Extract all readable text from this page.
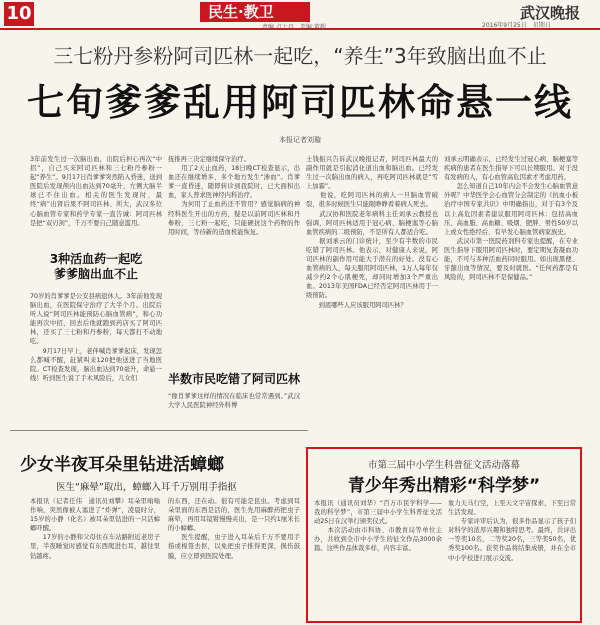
10	民生·教卫
责编 卢士昌　美编 董超
武汉晚报
2016年9月25日　星期日
三七粉丹参粉阿司匹林一起吃，“养生”3年致脑出血不止
七旬爹爹乱用阿司匹林命悬一线
本报记者刘璇
3年前发生过一次脑出血，出院后担心再次“中招”，自己买来阿司匹林和三七粉丹参粉一起“养生”。9月17日肖爹爹突然陷入昏迷，送到医院后发现颅内出血达到70毫升，左侧大脑半球已不住出血。相关的医生发现时，最终“病”出肾后果不阿司匹林、所大，武汉多位心脑血管专家和药学专家一直告诫：阿司匹林是把“双刃剑”，千万不要自己随意滥用。
3种活血药一起吃
爹爹脑出血不止
70岁的肖爹爹是公安县病退休人。3年前他发现脑出血，在医院保守治疗了大半个月。出院后听人说“阿司匹林能预防心脑血管病”，和心功能再次中招，回去后他就跑到药店买了阿司匹林，还买了三七粉和丹参粉，每天都打不动地吃。
　　9月17日早上，老伴喊肖爹爹起床，发现怎么都喊不醒，赶紧叫来120把他送进了当地医院。CT检查发现，脑出血达到70毫升，命悬一线！听到医生说了手术风险后，儿女们
抚推再三决定继续保守治疗。
　　用了2天止血药，18日晚CT检查显示，出血还在继续增多，多个地方发生“渗血”。肖爹爹一直昏迷，随即转诊到我院时，已大面积出血，家人普求医神经内科治疗。
　　为何用了止血药还不管用？感觉脑病的神经科医生开出的方药，疑是以前阿司匹林和丹参粉、三七粉一起吃，只能硬抗这个药物的作用时间，等待新的造血机能恢复。
半数市民吃错了阿司匹林
“像肖爹爹这样的情况在临床也常常遇到。”武汉大学人民医院神经外科博
士钱振兴告诉武汉晚报记者，阿司匹林最大的副作用就是引起消化道出血和脑出血。已经发生过一次脑出血的病人，再吃阿司匹林就是“雪上加霜”。
　　他说，吃阿司匹林的病人一旦脑血管破裂，很多时候医生只能眼睁睁看着病人死去。
　　武汉协和医院老年病科主任刘承云教授也强调，阿司匹林适用于冠心病、脑梗塞等心脑血管疾病的二级预防，不是所有人都适合吃。
　　据刘承云的门诊统计，至少有半数的市民吃错了阿司匹林。他表示，对健康人来说，阿司匹林的副作用可能大于潜在的好处。没有心血管病的人，每天服用阿司匹林，1万人每年仅减少约2个心肌梗死，却同时增加3个严重出血。2013年美国FDA已经否定阿司匹林用于一级预防。
　　到底哪些人应该服用阿司匹林？
刘承云明确表示，已经发生过冠心病、脑梗塞等疾病的患者在医生指导下可以长期服用。对于没有发病的人，有心血管高危因素才考虑用药。
　　怎么知道自己10年内会不会发生心脑血管意外呢？中华医学会心血管分会制定的《抗血小板治疗中国专家共识》中明确指出，对于有3个及以上高危因素者建议服用阿司匹林：包括高血压、高血脂、高血糖、吸烟、肥胖、男性50岁以上或女性绝经后、有早发心脑血管病家族史。
　　武汉市第一医院药剂科专家也提醒，在专业医生指导下服用阿司匹林时，要定期复查凝血功能，不可与多种活血药同时服用。如出现黑便、牙龈出血等情况，要及时就医。“任何药都是有风险的，阿司匹林不是保健品。”
少女半夜耳朵里钻进活蟑螂
医生“麻晕”取出，蟑螂入耳千万别用手指抠
本报讯（记者任伟　通讯员刘攀）耳朵里嗡嗡作响，突然像被人塞进了“炸弹”，凌晨时分，15岁的小静（化名）被耳朵里钻进的一只活蟑螂吓醒。
　　17岁的小静和父母住在车站路附近老房子里，半夜睡觉时感觉有东西爬进右耳，越往里钻越疼。
的东西，还在动。很有可能是昆虫。考虑到耳朵里面的东西是活的，医生先用麻醉药把虫子麻晕，再用耳镜钳慢慢夹出，是一只约1厘米长的小蟑螂。
　　医生提醒，虫子进入耳朵后千万不要用手指或棉签去抠，以免把虫子推得更深，损伤鼓膜，应立即到医院处理。
市第三届中小学生科普征文活动落幕
青少年秀出精彩“科学梦”
本报讯（通讯员刘华）“百万市民学科学——我的科学梦”，市第三届中小学生科普征文活动25日在汉举行颁奖仪式。
　　本次活动由市科协、市教育局等单位主办，共收到全市中小学生的征文作品3000余篇。这些作品体裁多样，内容丰富。
象力天马行空，上至天文宇宙探索，下至日常生活发现。
　　专家评审后认为，很多作品显示了孩子们对科学的浓厚兴趣和独特思考。最终，共评出一等奖10名，二等奖20名，三等奖50名，优秀奖100名。获奖作品将结集成册，并在全市中小学校进行展示交流。
